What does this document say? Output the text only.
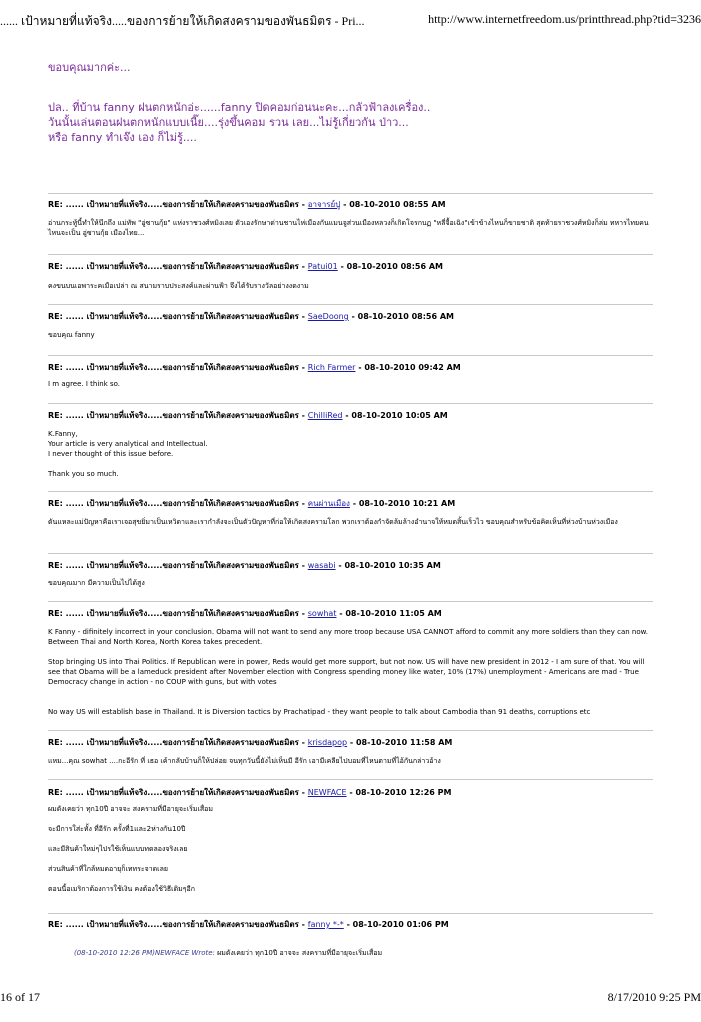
...... เป้าหมายที่แท้จริง.....ของการย้ายให้เกิดสงครามของพันธมิตร - Pri...	http://www.internetfreedom.us/printthread.php?tid=3236
ขอบคุณมากค่ะ...
ปล.. ที่บ้าน fanny ฝนตกหนักอ่ะ......fanny ปิดคอมก่อนนะคะ...กลัวฟ้าลงเครื่อง..
วันนั้นเล่นตอนฝนตกหนักแบบเนี๊ย....รุ่งขึ้นคอม รวน เลย...ไม่รู้เกี่ยวกัน ป่าว...
หรือ fanny ทำเจ๊ง เอง ก็ไม่รู้....
RE: ...... เป้าหมายที่แท้จริง.....ของการย้ายให้เกิดสงครามของพันธมิตร - อาจารย์ปู - 08-10-2010 08:55 AM

อ่านกระทู้นี้ทำให้นึกถึง แม่ทัพ "อู่ซานกุ้ย" แห่งราชวงศ์หมิงเลย ตัวเองรักษาด่านชานไห่เมืองกันแมนจูส่วนเมืองหลวงก็เกิดโจรกบฏ "หลี่จื้อเฉิง"เข้าข้างไหนก็ขายชาติ สุดท้ายราชวงศ์หมิงก็ล่ม ทหารไทยคนไหนจะเป็น อู่ซานกุ้ย เมืองไทย...

RE: ...... เป้าหมายที่แท้จริง.....ของการย้ายให้เกิดสงครามของพันธมิตร - Patui01 - 08-10-2010 08:56 AM

คงขนบนเอพาระคเมือเปล่า ณ สนามราบประสงค์และผ่านฟ้า จึงได้รับรางวัลอย่างงดงาม

RE: ...... เป้าหมายที่แท้จริง.....ของการย้ายให้เกิดสงครามของพันธมิตร - SaeDoong - 08-10-2010 08:56 AM

ขอบคุณ fanny

RE: ...... เป้าหมายที่แท้จริง.....ของการย้ายให้เกิดสงครามของพันธมิตร - Rich Farmer - 08-10-2010 09:42 AM

I m agree. I think so.

RE: ...... เป้าหมายที่แท้จริง.....ของการย้ายให้เกิดสงครามของพันธมิตร - ChilliRed - 08-10-2010 10:05 AM

K.Fanny,

Your article is very analytical and Intellectual.

I never thought of this issue before.

Thank you so much.

RE: ...... เป้าหมายที่แท้จริง.....ของการย้ายให้เกิดสงครามของพันธมิตร - คนผ่านเมือง - 08-10-2010 10:21 AM

ดันแหละแม่ปัญหาคือเราเจอสุขยิ่มาเป็นเหวิดาและเรากำลังจะเป็นตัวปัญหาที่ก่อให้เกิดสงครามโลก พวกเราต้องกำจัดล้มล้างอำนาจให้หมดสิ้นเร็วไว ขอบคุณสำหรับข้อคิดเห็นที่ห่วงบ้านห่วงเมือง

RE: ...... เป้าหมายที่แท้จริง.....ของการย้ายให้เกิดสงครามของพันธมิตร - wasabi - 08-10-2010 10:35 AM

ขอบคุณมาก มีความเป็นไปได้สูง

RE: ...... เป้าหมายที่แท้จริง.....ของการย้ายให้เกิดสงครามของพันธมิตร - sowhat - 08-10-2010 11:05 AM

K Fanny - difinitely incorrect in your conclusion. Obama will not want to send any more troop because USA CANNOT afford to commit any more soldiers than they can now. Between Thai and North Korea, North Korea takes precedent.

Stop bringing US into Thai Politics. If Republican were in power, Reds would get more support, but not now. US will have new president in 2012 - I am sure of that. You will see that Obama will be a lameduck president after November election with Congress spending money like water, 10% (17%) unemployment - Americans are mad - True Democracy change in action - no COUP with guns, but with votes

No way US will establish base in Thailand. It is Diversion tactics by Prachatipad - they want people to talk about Cambodia than 91 deaths, corruptions etc

RE: ...... เป้าหมายที่แท้จริง.....ของการย้ายให้เกิดสงครามของพันธมิตร - krisdapop - 08-10-2010 11:58 AM

แหม...คุณ sowhat ....กะอีรัก ที่ เธอ เค้ากลับบ้านก็ให้ปล่อย จนทุกวันนี้ยังไม่เห็นมี อีรัก เอามีเคลียไปบอมที่ไหนตามที่ไอ้กันกล่าวอ้าง

RE: ...... เป้าหมายที่แท้จริง.....ของการย้ายให้เกิดสงครามของพันธมิตร - NEWFACE - 08-10-2010 12:26 PM

ผมดังเคยว่า ทุก10ปี อาจจะ สงครามที่มีอายุจะเริ่มเสื่อม

จะมีการใส่ะทั้ง ที่อีรัก ครั้งที่1และ2ห่างกัน10ปี

และมีสินค้าใหม่ๆไปรใช้เห็นแบบทดลองจริงเลย

ส่วนสินค้าที่ใกล้หมดอายุก็เททระจาดเลย

ตอนนี้อเมริกาต้องการใช้เงิน คงต้องใช้วิธีเดิมๆอีก

RE: ...... เป้าหมายที่แท้จริง.....ของการย้ายให้เกิดสงครามของพันธมิตร - fanny *-* - 08-10-2010 01:06 PM
(08-10-2010 12:26 PM)NEWFACE Wrote: ผมดังเคยว่า ทุก10ปี อาจจะ สงครามที่มีอายุจะเริ่มเสื่อม
16 of 17	8/17/2010 9:25 PM
